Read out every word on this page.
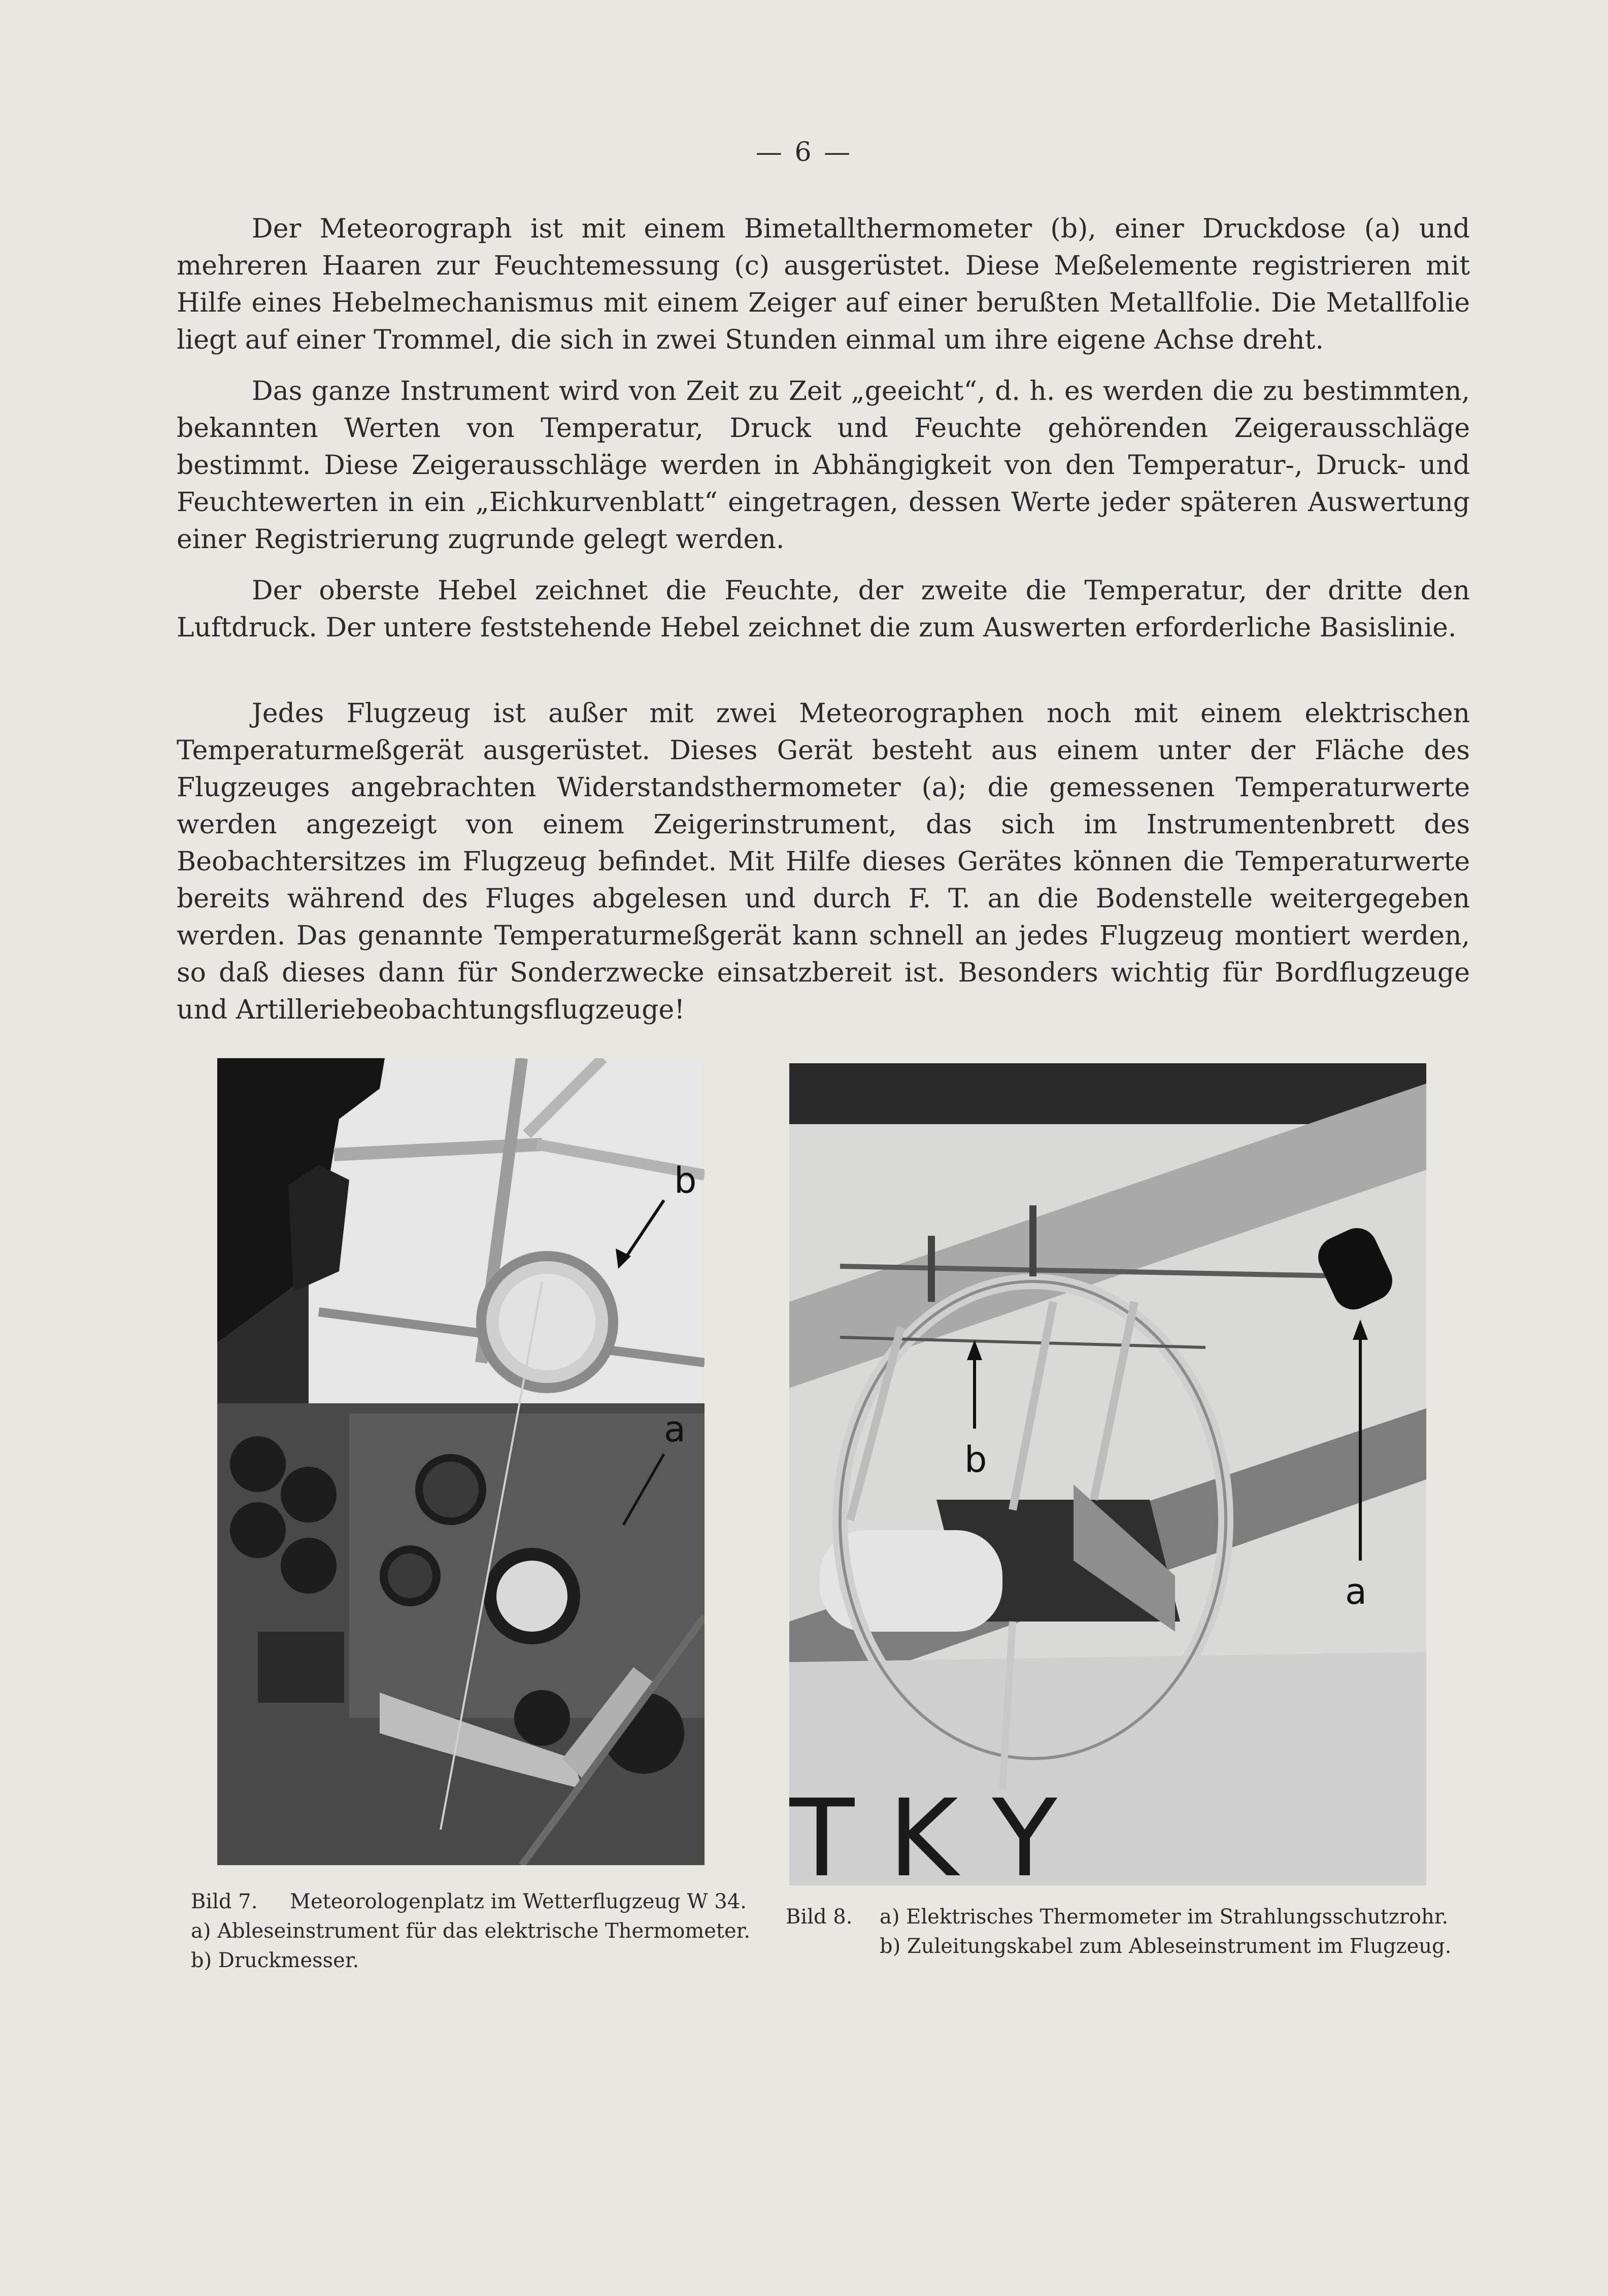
— 6 —

Der Meteorograph ist mit einem Bimetallthermometer (b), einer Druckdose (a) und mehreren Haaren zur Feuchtemessung (c) ausgerüstet. Diese Meßelemente registrieren mit Hilfe eines Hebelmechanismus mit einem Zeiger auf einer berußten Metallfolie. Die Metallfolie liegt auf einer Trommel, die sich in zwei Stunden einmal um ihre eigene Achse dreht.

Das ganze Instrument wird von Zeit zu Zeit „geeicht“, d. h. es werden die zu bestimmten, bekannten Werten von Temperatur, Druck und Feuchte gehörenden Zeigerausschläge bestimmt. Diese Zeigerausschläge werden in Abhängigkeit von den Temperatur-, Druck- und Feuchtewerten in ein „Eichkurvenblatt“ eingetragen, dessen Werte jeder späteren Auswertung einer Registrierung zugrunde gelegt werden.

Der oberste Hebel zeichnet die Feuchte, der zweite die Temperatur, der dritte den Luftdruck. Der untere feststehende Hebel zeichnet die zum Auswerten erforderliche Basislinie.

Jedes Flugzeug ist außer mit zwei Meteorographen noch mit einem elektrischen Temperaturmeßgerät ausgerüstet. Dieses Gerät besteht aus einem unter der Fläche des Flugzeuges angebrachten Widerstandsthermometer (a); die gemessenen Temperaturwerte werden angezeigt von einem Zeigerinstrument, das sich im Instrumentenbrett des Beobachtersitzes im Flugzeug befindet. Mit Hilfe dieses Gerätes können die Temperaturwerte bereits während des Fluges abgelesen und durch F. T. an die Bodenstelle weitergegeben werden. Das genannte Temperaturmeßgerät kann schnell an jedes Flugzeug montiert werden, so daß dieses dann für Sonderzwecke einsatzbereit ist. Besonders wichtig für Bordflugzeuge und Artilleriebeobachtungsflugzeuge!

b
a
T K Y
b
a
Bild 7.	Meteorologenplatz im Wetterflugzeug W 34.
a) Ableseinstrument für das elektrische Thermometer.
b) Druckmesser.
Bild 8.	a) Elektrisches Thermometer im Strahlungsschutzrohr.
b) Zuleitungskabel zum Ableseinstrument im Flugzeug.
